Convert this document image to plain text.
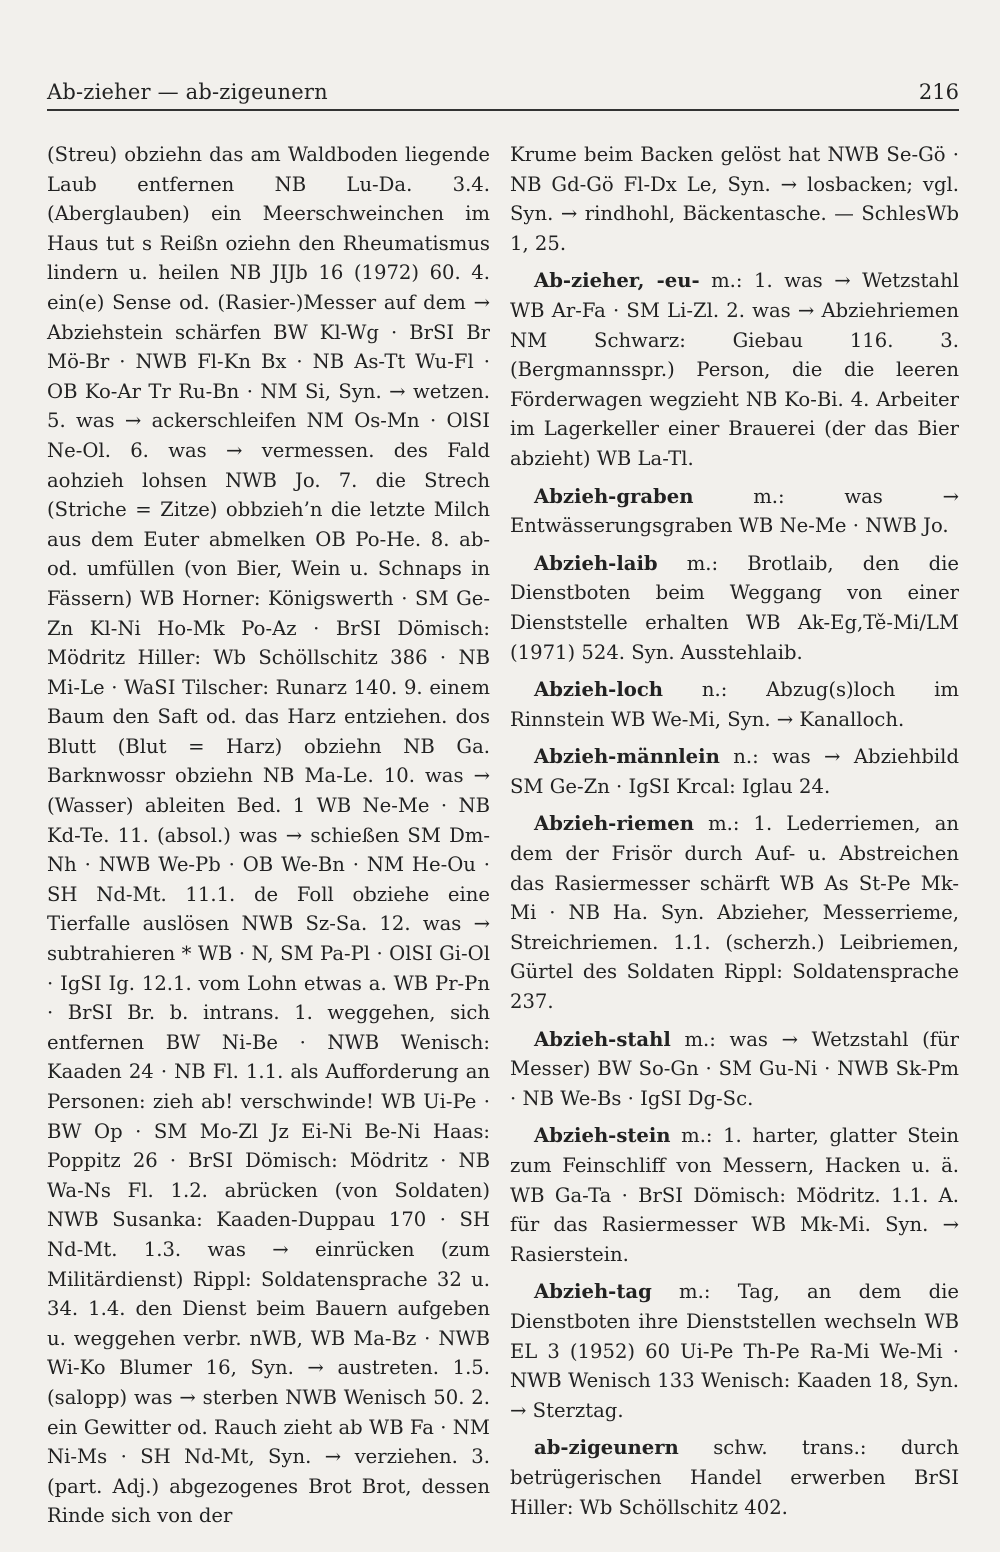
Ab-zieher — ab-zigeunern	216

(Streu) obziehn das am Waldboden liegende Laub entfernen NB Lu-Da. 3.4. (Aberglauben) ein Meerschweinchen im Haus tut s Reißn oziehn den Rheumatismus lindern u. heilen NB JIJb 16 (1972) 60. 4. ein(e) Sense od. (Rasier-)Messer auf dem → Abziehstein schärfen BW Kl-Wg · BrSI Br Mö-Br · NWB Fl-Kn Bx · NB As-Tt Wu-Fl · OB Ko-Ar Tr Ru-Bn · NM Si, Syn. → wetzen. 5. was → ackerschleifen NM Os-Mn · OlSI Ne-Ol. 6. was → vermessen. des Fald aohzieh lohsen NWB Jo. 7. die Strech (Striche = Zitze) obbzieh’n die letzte Milch aus dem Euter abmelken OB Po-He. 8. ab- od. umfüllen (von Bier, Wein u. Schnaps in Fässern) WB Horner: Königswerth · SM Ge-Zn Kl-Ni Ho-Mk Po-Az · BrSI Dömisch: Mödritz Hiller: Wb Schöllschitz 386 · NB Mi-Le · WaSI Tilscher: Runarz 140. 9. einem Baum den Saft od. das Harz entziehen. dos Blutt (Blut = Harz) obziehn NB Ga. Barknwossr obziehn NB Ma-Le. 10. was → (Wasser) ableiten Bed. 1 WB Ne-Me · NB Kd-Te. 11. (absol.) was → schießen SM Dm-Nh · NWB We-Pb · OB We-Bn · NM He-Ou · SH Nd-Mt. 11.1. de Foll obziehe eine Tierfalle auslösen NWB Sz-Sa. 12. was → subtrahieren * WB · N, SM Pa-Pl · OlSI Gi-Ol · IgSI Ig. 12.1. vom Lohn etwas a. WB Pr-Pn · BrSI Br. b. intrans. 1. weggehen, sich entfernen BW Ni-Be · NWB Wenisch: Kaaden 24 · NB Fl. 1.1. als Aufforderung an Personen: zieh ab! verschwinde! WB Ui-Pe · BW Op · SM Mo-Zl Jz Ei-Ni Be-Ni Haas: Poppitz 26 · BrSI Dömisch: Mödritz · NB Wa-Ns Fl. 1.2. abrücken (von Soldaten) NWB Susanka: Kaaden-Duppau 170 · SH Nd-Mt. 1.3. was → einrücken (zum Militärdienst) Rippl: Soldatensprache 32 u. 34. 1.4. den Dienst beim Bauern aufgeben u. weggehen verbr. nWB, WB Ma-Bz · NWB Wi-Ko Blumer 16, Syn. → austreten. 1.5. (salopp) was → sterben NWB Wenisch 50. 2. ein Gewitter od. Rauch zieht ab WB Fa · NM Ni-Ms · SH Nd-Mt, Syn. → verziehen. 3. (part. Adj.) abgezogenes Brot Brot, dessen Rinde sich von der

Krume beim Backen gelöst hat NWB Se-Gö · NB Gd-Gö Fl-Dx Le, Syn. → losbacken; vgl. Syn. → rindhohl, Bäckentasche. — SchlesWb 1, 25.

Ab-zieher, -eu- m.: 1. was → Wetzstahl WB Ar-Fa · SM Li-Zl. 2. was → Abziehriemen NM Schwarz: Giebau 116. 3. (Bergmannsspr.) Person, die die leeren Förderwagen wegzieht NB Ko-Bi. 4. Arbeiter im Lagerkeller einer Brauerei (der das Bier abzieht) WB La-Tl.

Abzieh-graben	m.: was → Entwässerungsgraben WB Ne-Me · NWB Jo.

Abzieh-laib m.: Brotlaib, den die Dienstboten beim Weggang von einer Dienststelle erhalten WB Ak-Eg,Tě-Mi/LM (1971) 524. Syn. Ausstehlaib.

Abzieh-loch n.: Abzug(s)loch im Rinnstein WB We-Mi, Syn. → Kanalloch.

Abzieh-männlein n.: was → Abziehbild SM Ge-Zn · IgSI Krcal: Iglau 24.

Abzieh-riemen m.: 1. Lederriemen, an dem der Frisör durch Auf- u. Abstreichen das Rasiermesser schärft WB As St-Pe Mk-Mi · NB Ha. Syn. Abzieher, Messerrieme, Streichriemen. 1.1. (scherzh.) Leibriemen, Gürtel des Soldaten Rippl: Soldatensprache 237.

Abzieh-stahl m.: was → Wetzstahl (für Messer) BW So-Gn · SM Gu-Ni · NWB Sk-Pm · NB We-Bs · IgSI Dg-Sc.

Abzieh-stein m.: 1. harter, glatter Stein zum Feinschliff von Messern, Hacken u. ä. WB Ga-Ta · BrSI Dömisch: Mödritz. 1.1. A. für das Rasiermesser WB Mk-Mi. Syn. → Rasierstein.

Abzieh-tag m.: Tag, an dem die Dienstboten ihre Dienststellen wechseln WB EL 3 (1952) 60 Ui-Pe Th-Pe Ra-Mi We-Mi · NWB Wenisch 133 Wenisch: Kaaden 18, Syn. → Sterztag.

ab-zigeunern schw. trans.: durch betrügerischen Handel erwerben BrSI Hiller: Wb Schöllschitz 402.
